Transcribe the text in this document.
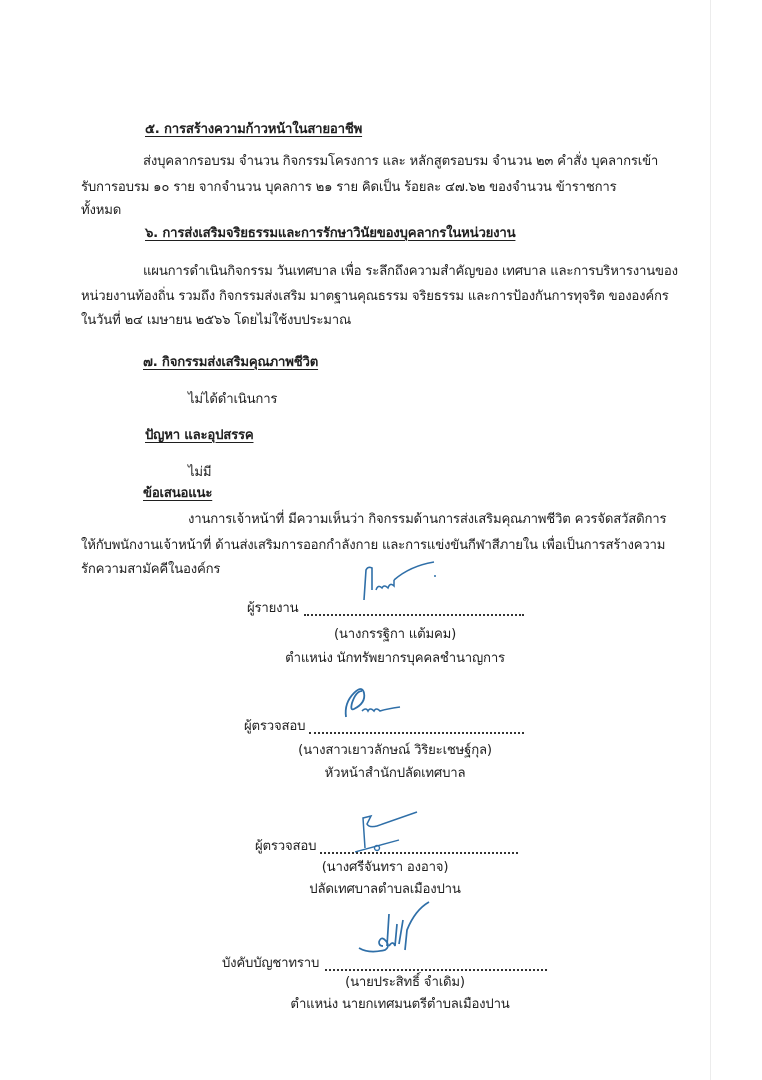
๕. การสร้างความก้าวหน้าในสายอาชีพ
ส่งบุคลากรอบรม จำนวน กิจกรรมโครงการ และ หลักสูตรอบรม จำนวน ๒๓ คำสั่ง บุคลากรเข้า
รับการอบรม ๑๐ ราย จากจำนวน บุคลการ ๒๑ ราย คิดเป็น ร้อยละ ๔๗.๖๒ ของจำนวน ข้าราชการ
ทั้งหมด
๖. การส่งเสริมจริยธรรมและการรักษาวินัยของบุคลากรในหน่วยงาน
แผนการดำเนินกิจกรรม วันเทศบาล เพื่อ ระลึกถึงความสำคัญของ เทศบาล และการบริหารงานของ
หน่วยงานท้องถิ่น รวมถึง กิจกรรมส่งเสริม มาตฐานคุณธรรม จริยธรรม และการป้องกันการทุจริต ขององค์กร
ในวันที่ ๒๔ เมษายน ๒๕๖๖ โดยไม่ใช้งบประมาณ
๗. กิจกรรมส่งเสริมคุณภาพชีวิต
ไม่ได้ดำเนินการ
ปัญหา และอุปสรรค
ไม่มี
ข้อเสนอแนะ
งานการเจ้าหน้าที่ มีความเห็นว่า กิจกรรมด้านการส่งเสริมคุณภาพชีวิต ควรจัดสวัสดิการ
ให้กับพนักงานเจ้าหน้าที่ ด้านส่งเสริมการออกกำลังกาย และการแข่งขันกีฬาสีภายใน เพื่อเป็นการสร้างความ
รักความสามัคคีในองค์กร
ผู้รายงาน
(นางกรรฐิกา แต้มคม)
ตำแหน่ง นักทรัพยากรบุคคลชำนาญการ
ผู้ตรวจสอบ
(นางสาวเยาวลักษณ์ วิริยะเชษฐ์กุล)
หัวหน้าสำนักปลัดเทศบาล
ผู้ตรวจสอบ
(นางศรีจันทรา องอาจ)
ปลัดเทศบาลตำบลเมืองปาน
บังคับบัญชาทราบ
(นายประสิทธิ์ จำเดิม)
ตำแหน่ง นายกเทศมนตรีตำบลเมืองปาน
